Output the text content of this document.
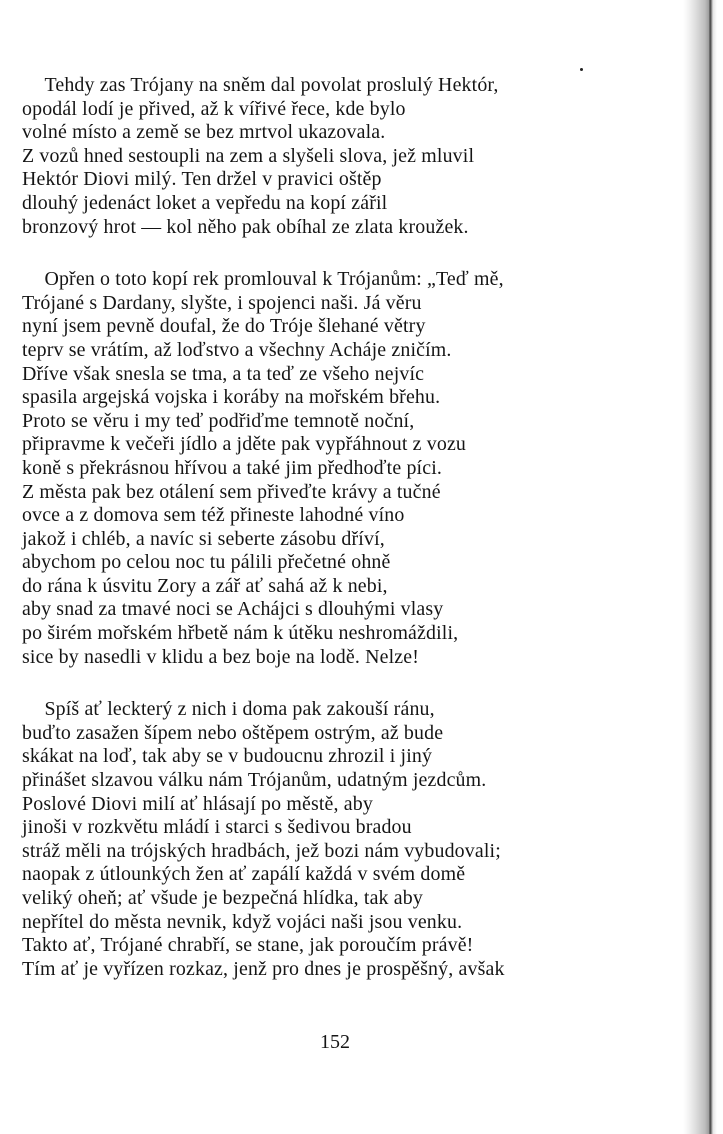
Tehdy zas Trójany na sněm dal povolat proslulý Hektór,
opodál lodí je přived, až k vířivé řece, kde bylo
volné místo a země se bez mrtvol ukazovala.
Z vozů hned sestoupli na zem a slyšeli slova, jež mluvil
Hektór Diovi milý. Ten držel v pravici oštěp
dlouhý jedenáct loket a vepředu na kopí zářil
bronzový hrot — kol něho pak obíhal ze zlata kroužek.
Opřen o toto kopí rek promlouval k Trójanům: „Teď mě,
Trójané s Dardany, slyšte, i spojenci naši. Já věru
nyní jsem pevně doufal, že do Tróje šlehané větry
teprv se vrátím, až loďstvo a všechny Acháje zničím.
Dříve však snesla se tma, a ta teď ze všeho nejvíc
spasila argejská vojska i koráby na mořském břehu.
Proto se věru i my teď podřiďme temnotě noční,
připravme k večeři jídlo a jděte pak vypřáhnout z vozu
koně s překrásnou hřívou a také jim předhoďte píci.
Z města pak bez otálení sem přiveďte krávy a tučné
ovce a z domova sem též přineste lahodné víno
jakož i chléb, a navíc si seberte zásobu dříví,
abychom po celou noc tu pálili přečetné ohně
do rána k úsvitu Zory a zář ať sahá až k nebi,
aby snad za tmavé noci se Achájci s dlouhými vlasy
po širém mořském hřbetě nám k útěku neshromáždili,
sice by nasedli v klidu a bez boje na lodě. Nelze!
Spíš ať leckterý z nich i doma pak zakouší ránu,
buďto zasažen šípem nebo oštěpem ostrým, až bude
skákat na loď, tak aby se v budoucnu zhrozil i jiný
přinášet slzavou válku nám Trójanům, udatným jezdcům.
Poslové Diovi milí ať hlásají po městě, aby
jinoši v rozkvětu mládí i starci s šedivou bradou
stráž měli na trójských hradbách, jež bozi nám vybudovali;
naopak z útlounkých žen ať zapálí každá v svém domě
veliký oheň; ať všude je bezpečná hlídka, tak aby
nepřítel do města nevnik, když vojáci naši jsou venku.
Takto ať, Trójané chrabří, se stane, jak poroučím právě!
Tím ať je vyřízen rozkaz, jenž pro dnes je prospěšný, avšak
152
